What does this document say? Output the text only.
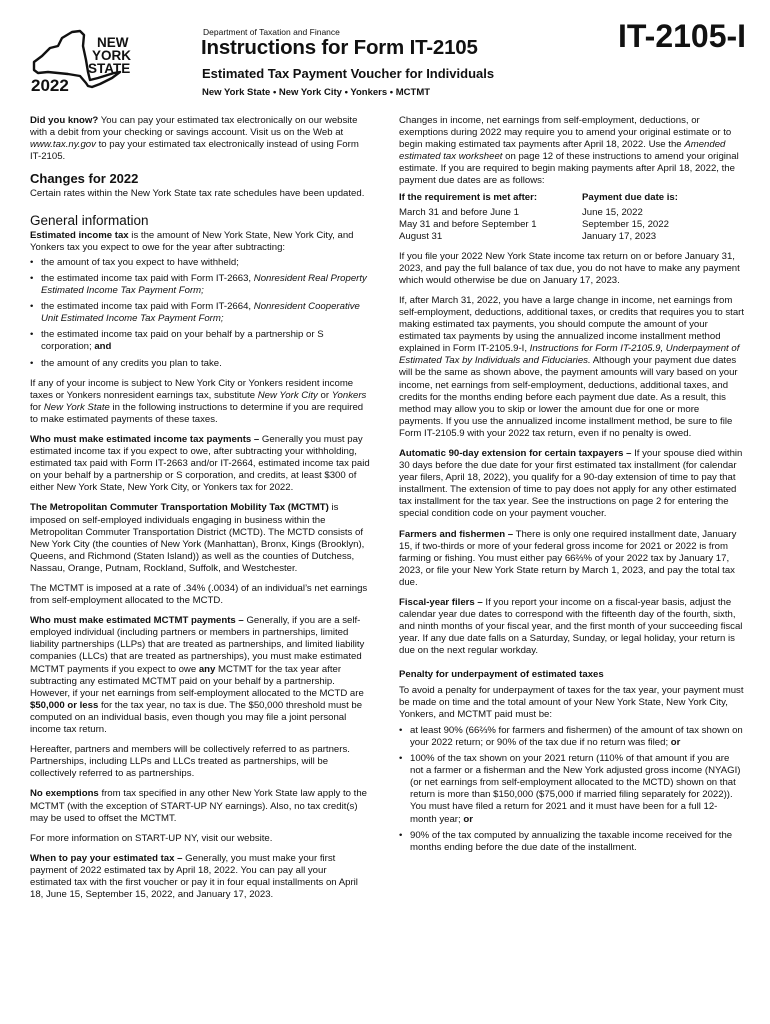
NEW
YORK
STATE
2022
Department of Taxation and Finance
Instructions for Form IT-2105
Estimated Tax Payment Voucher for Individuals
New York State • New York City • Yonkers • MCTMT
IT-2105-I

Did you know? You can pay your estimated tax electronically on our website with a debit from your checking or savings account. Visit us on the Web at www.tax.ny.gov to pay your estimated tax electronically instead of using Form IT-2105.

Changes for 2022

Certain rates within the New York State tax rate schedules have been updated.

General information

Estimated income tax is the amount of New York State, New York City, and Yonkers tax you expect to owe for the year after subtracting:

• the amount of tax you expect to have withheld;
• the estimated income tax paid with Form IT-2663, Nonresident Real Property Estimated Income Tax Payment Form;
• the estimated income tax paid with Form IT-2664, Nonresident Cooperative Unit Estimated Income Tax Payment Form;
• the estimated income tax paid on your behalf by a partnership or S corporation; and
• the amount of any credits you plan to take.

If any of your income is subject to New York City or Yonkers resident income taxes or Yonkers nonresident earnings tax, substitute New York City or Yonkers for New York State in the following instructions to determine if you are required to make estimated payments of these taxes.

Who must make estimated income tax payments – Generally you must pay estimated income tax if you expect to owe, after subtracting your withholding, estimated tax paid with Form IT-2663 and/or IT-2664, estimated income tax paid on your behalf by a partnership or S corporation, and credits, at least $300 of either New York State, New York City, or Yonkers tax for 2022.

The Metropolitan Commuter Transportation Mobility Tax (MCTMT) is imposed on self-employed individuals engaging in business within the Metropolitan Commuter Transportation District (MCTD). The MCTD consists of New York City (the counties of New York (Manhattan), Bronx, Kings (Brooklyn), Queens, and Richmond (Staten Island)) as well as the counties of Dutchess, Nassau, Orange, Putnam, Rockland, Suffolk, and Westchester.

The MCTMT is imposed at a rate of .34% (.0034) of an individual’s net earnings from self-employment allocated to the MCTD.

Who must make estimated MCTMT payments – Generally, if you are a self-employed individual (including partners or members in partnerships, limited liability partnerships (LLPs) that are treated as partnerships, and limited liability companies (LLCs) that are treated as partnerships), you must make estimated MCTMT payments if you expect to owe any MCTMT for the tax year after subtracting any estimated MCTMT paid on your behalf by a partnership. However, if your net earnings from self-employment allocated to the MCTD are $50,000 or less for the tax year, no tax is due. The $50,000 threshold must be computed on an individual basis, even though you may file a joint personal income tax return.

Hereafter, partners and members will be collectively referred to as partners. Partnerships, including LLPs and LLCs treated as partnerships, will be collectively referred to as partnerships.

No exemptions from tax specified in any other New York State law apply to the MCTMT (with the exception of START-UP NY earnings). Also, no tax credit(s) may be used to offset the MCTMT.

For more information on START-UP NY, visit our website.

When to pay your estimated tax – Generally, you must make your first payment of 2022 estimated tax by April 18, 2022. You can pay all your estimated tax with the first voucher or pay it in four equal installments on April 18, June 15, September 15, 2022, and January 17, 2023.

Changes in income, net earnings from self-employment, deductions, or exemptions during 2022 may require you to amend your original estimate or to begin making estimated tax payments after April 18, 2022. Use the Amended estimated tax worksheet on page 12 of these instructions to amend your original estimate. If you are required to begin making payments after April 18, 2022, the payment due dates are as follows:

If the requirement is met after:	Payment due date is:
March 31 and before June 1	June 15, 2022
May 31 and before September 1	September 15, 2022
August 31	January 17, 2023

If you file your 2022 New York State income tax return on or before January 31, 2023, and pay the full balance of tax due, you do not have to make any payment which would otherwise be due on January 17, 2023.

If, after March 31, 2022, you have a large change in income, net earnings from self-employment, deductions, additional taxes, or credits that requires you to start making estimated tax payments, you should compute the amount of your estimated tax payments by using the annualized income installment method explained in Form IT-2105.9-I, Instructions for Form IT-2105.9, Underpayment of Estimated Tax by Individuals and Fiduciaries. Although your payment due dates will be the same as shown above, the payment amounts will vary based on your income, net earnings from self-employment, deductions, additional taxes, and credits for the months ending before each payment due date. As a result, this method may allow you to skip or lower the amount due for one or more payments. If you use the annualized income installment method, be sure to file Form IT-2105.9 with your 2022 tax return, even if no penalty is owed.

Automatic 90-day extension for certain taxpayers – If your spouse died within 30 days before the due date for your first estimated tax installment (for calendar year filers, April 18, 2022), you qualify for a 90-day extension of time to pay that installment. The extension of time to pay does not apply for any other estimated tax installment for the tax year. See the instructions on page 2 for entering the special condition code on your payment voucher.

Farmers and fishermen – There is only one required installment date, January 15, if two-thirds or more of your federal gross income for 2021 or 2022 is from farming or fishing. You must either pay 66⅔% of your 2022 tax by January 17, 2023, or file your New York State return by March 1, 2023, and pay the total tax due.

Fiscal-year filers – If you report your income on a fiscal-year basis, adjust the calendar year due dates to correspond with the fifteenth day of the fourth, sixth, and ninth months of your fiscal year, and the first month of your succeeding fiscal year. If any due date falls on a Saturday, Sunday, or legal holiday, your return is due on the next regular workday.

Penalty for underpayment of estimated taxes

To avoid a penalty for underpayment of taxes for the tax year, your payment must be made on time and the total amount of your New York State, New York City, Yonkers, and MCTMT paid must be:

• at least 90% (66⅔% for farmers and fishermen) of the amount of tax shown on your 2022 return; or 90% of the tax due if no return was filed; or
• 100% of the tax shown on your 2021 return (110% of that amount if you are not a farmer or a fisherman and the New York adjusted gross income (NYAGI) (or net earnings from self-employment allocated to the MCTD) shown on that return is more than $150,000 ($75,000 if married filing separately for 2022)). You must have filed a return for 2021 and it must have been for a full 12-month year; or
• 90% of the tax computed by annualizing the taxable income received for the months ending before the due date of the installment.
